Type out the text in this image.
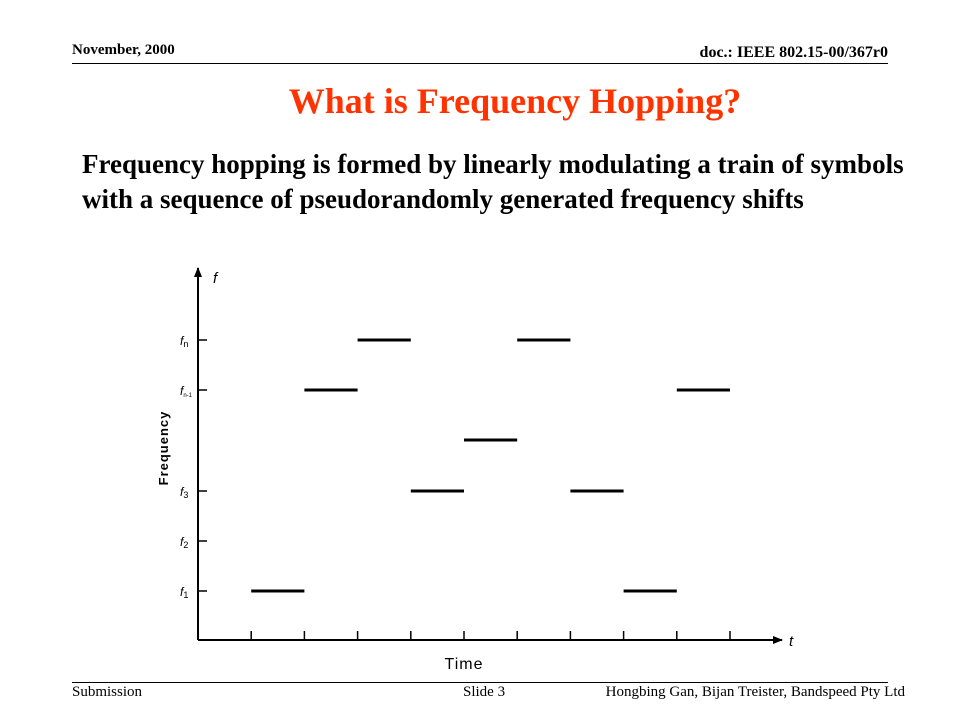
November, 2000	doc.: IEEE 802.15-00/367r0
What is Frequency Hopping?
Frequency hopping is formed by linearly modulating a train of symbols with a sequence of pseudorandomly generated frequency shifts
f
t
Frequency
Time
fn
fn-1
f3
f2
f1
Submission	Slide 3	Hongbing Gan, Bijan Treister, Bandspeed Pty Ltd
